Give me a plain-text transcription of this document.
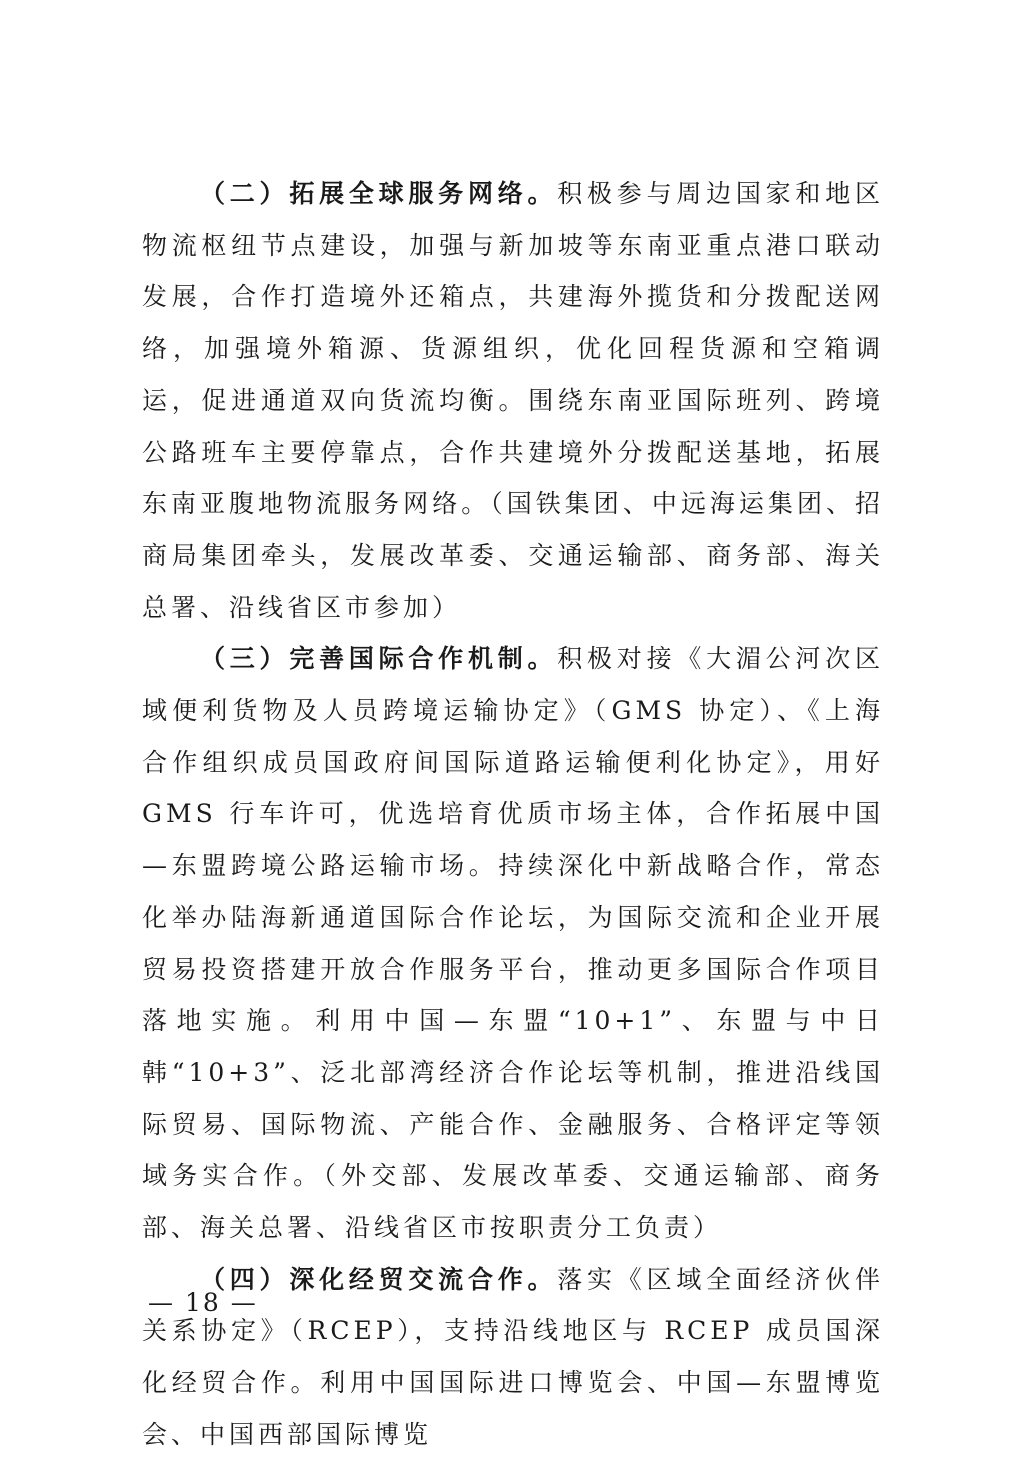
（二）拓展全球服务网络。积极参与周边国家和地区物流枢纽节点建设，加强与新加坡等东南亚重点港口联动发展，合作打造境外还箱点，共建海外揽货和分拨配送网络，加强境外箱源、货源组织，优化回程货源和空箱调运，促进通道双向货流均衡。围绕东南亚国际班列、跨境公路班车主要停靠点，合作共建境外分拨配送基地，拓展东南亚腹地物流服务网络。（国铁集团、中远海运集团、招商局集团牵头，发展改革委、交通运输部、商务部、海关总署、沿线省区市参加）

（三）完善国际合作机制。积极对接《大湄公河次区域便利货物及人员跨境运输协定》（GMS 协定）、《上海合作组织成员国政府间国际道路运输便利化协定》，用好 GMS 行车许可，优选培育优质市场主体，合作拓展中国—东盟跨境公路运输市场。持续深化中新战略合作，常态化举办陆海新通道国际合作论坛，为国际交流和企业开展贸易投资搭建开放合作服务平台，推动更多国际合作项目落地实施。利用中国—东盟“10+1”、东盟与中日韩“10+3”、泛北部湾经济合作论坛等机制，推进沿线国际贸易、国际物流、产能合作、金融服务、合格评定等领域务实合作。（外交部、发展改革委、交通运输部、商务部、海关总署、沿线省区市按职责分工负责）

（四）深化经贸交流合作。落实《区域全面经济伙伴关系协定》（RCEP），支持沿线地区与 RCEP 成员国深化经贸合作。利用中国国际进口博览会、中国—东盟博览会、中国西部国际博览

— 18 —
